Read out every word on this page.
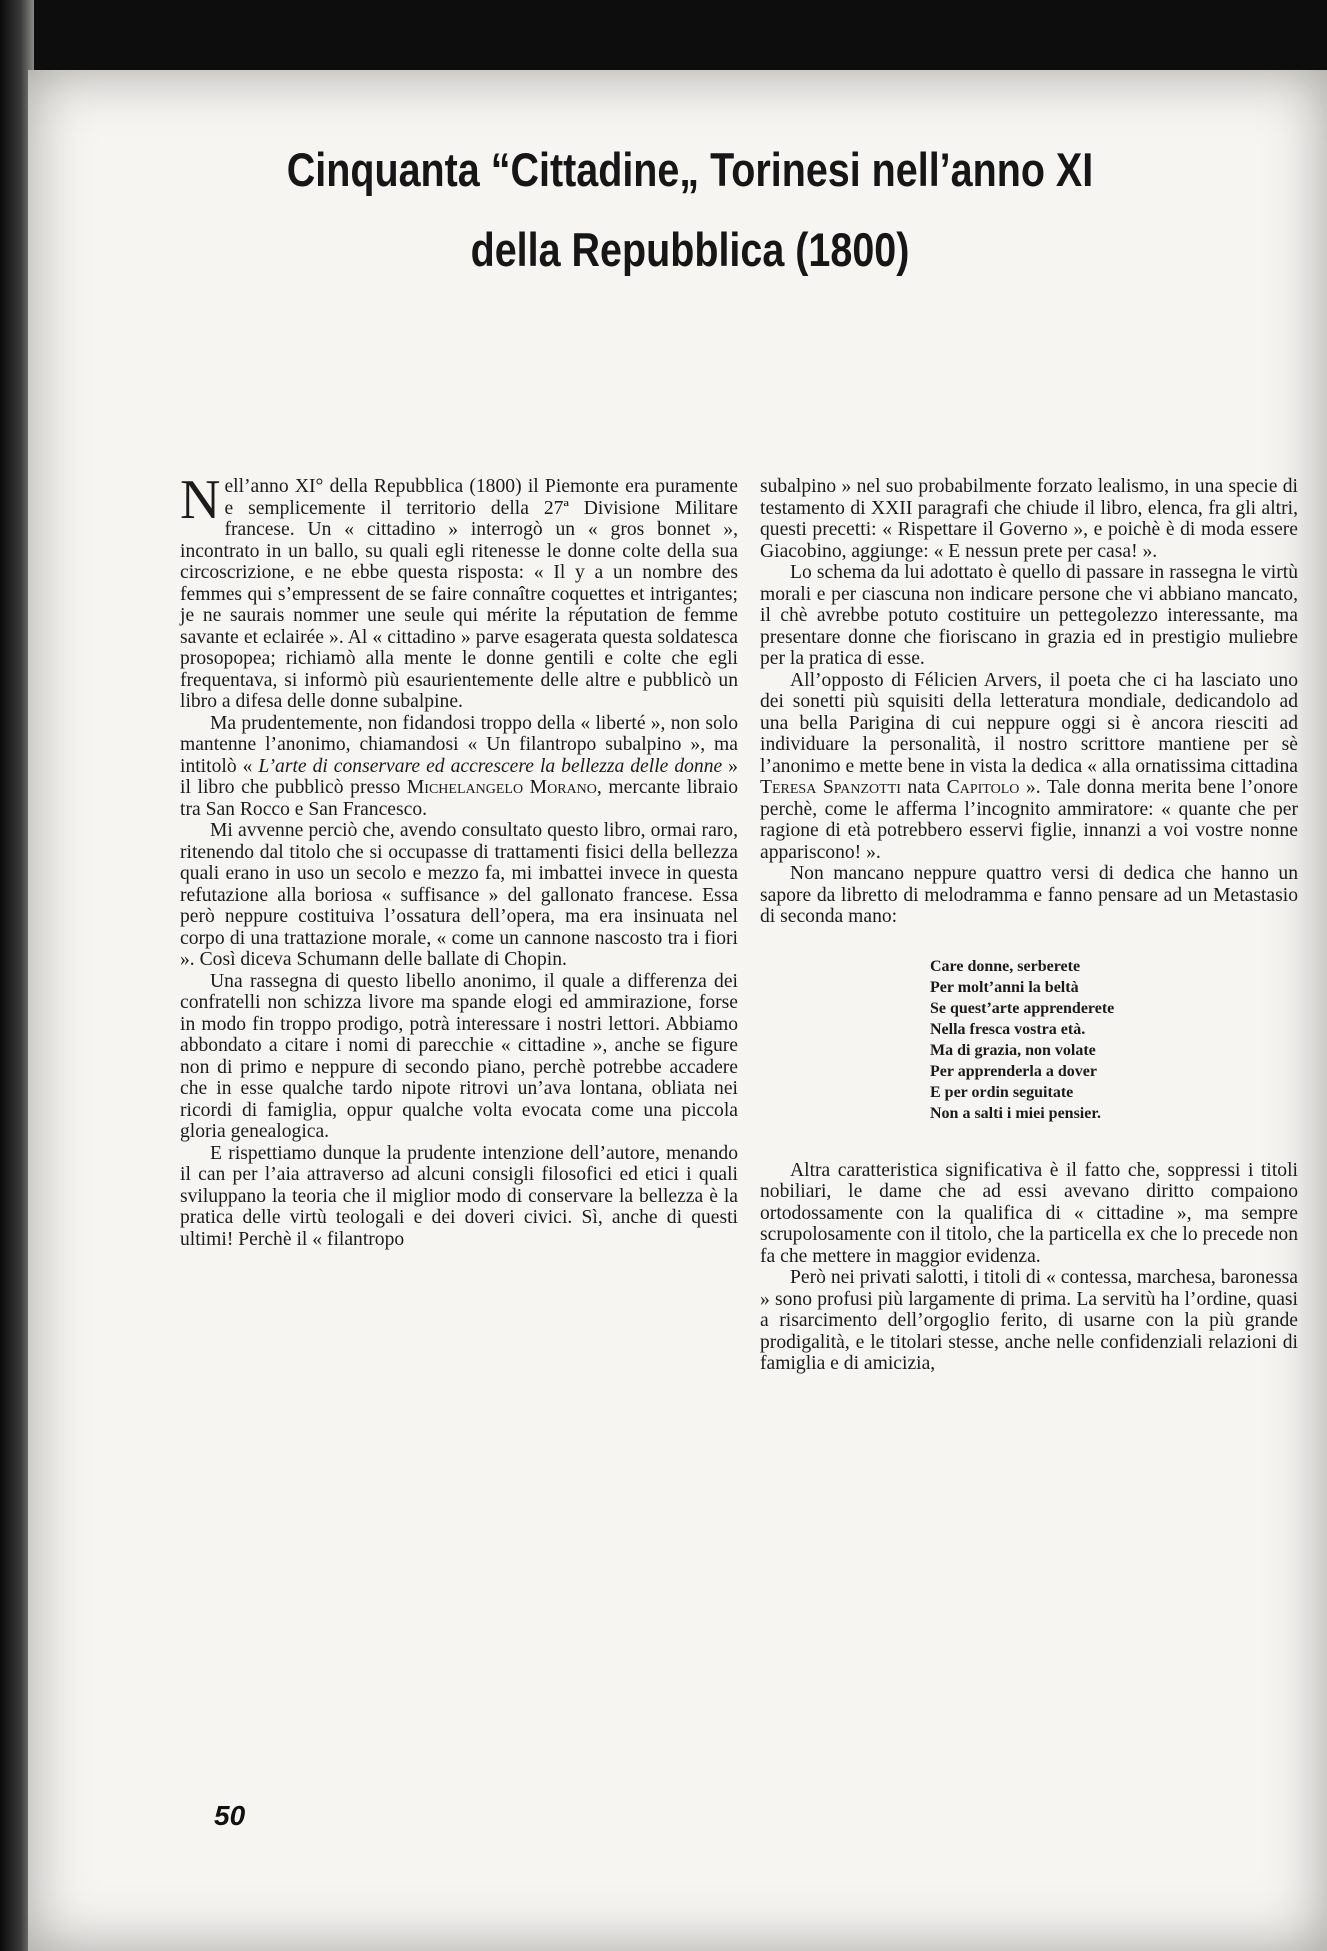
Cinquanta “Cittadine„ Torinesi nell’anno XI
della Repubblica (1800)

Nell’anno XI° della Repubblica (1800) il Piemonte era puramente e semplicemente il territorio della 27ª Divisione Militare francese. Un « cittadino » interrogò un « gros bonnet », incontrato in un ballo, su quali egli ritenesse le donne colte della sua circoscrizione, e ne ebbe questa risposta: « Il y a un nombre des femmes qui s’empressent de se faire connaître coquettes et intrigantes; je ne saurais nommer une seule qui mérite la réputation de femme savante et eclairée ». Al « cittadino » parve esagerata questa soldatesca prosopopea; richiamò alla mente le donne gentili e colte che egli frequentava, si informò più esaurientemente delle altre e pubblicò un libro a difesa delle donne subalpine.

Ma prudentemente, non fidandosi troppo della « liberté », non solo mantenne l’anonimo, chiamandosi « Un filantropo subalpino », ma intitolò « L’arte di conservare ed accrescere la bellezza delle donne » il libro che pubblicò presso Michelangelo Morano, mercante libraio tra San Rocco e San Francesco.

Mi avvenne perciò che, avendo consultato questo libro, ormai raro, ritenendo dal titolo che si occupasse di trattamenti fisici della bellezza quali erano in uso un secolo e mezzo fa, mi imbattei invece in questa refutazione alla boriosa « suffisance » del gallonato francese. Essa però neppure costituiva l’ossatura dell’opera, ma era insinuata nel corpo di una trattazione morale, « come un cannone nascosto tra i fiori ». Così diceva Schumann delle ballate di Chopin.

Una rassegna di questo libello anonimo, il quale a differenza dei confratelli non schizza livore ma spande elogi ed ammirazione, forse in modo fin troppo prodigo, potrà interessare i nostri lettori. Abbiamo abbondato a citare i nomi di parecchie « cittadine », anche se figure non di primo e neppure di secondo piano, perchè potrebbe accadere che in esse qualche tardo nipote ritrovi un’ava lontana, obliata nei ricordi di famiglia, oppur qualche volta evocata come una piccola gloria genealogica.

E rispettiamo dunque la prudente intenzione dell’autore, menando il can per l’aia attraverso ad alcuni consigli filosofici ed etici i quali sviluppano la teoria che il miglior modo di conservare la bellezza è la pratica delle virtù teologali e dei doveri civici. Sì, anche di questi ultimi! Perchè il « filantropo

subalpino » nel suo probabilmente forzato lealismo, in una specie di testamento di XXII paragrafi che chiude il libro, elenca, fra gli altri, questi precetti: « Rispettare il Governo », e poichè è di moda essere Giacobino, aggiunge: « E nessun prete per casa! ».

Lo schema da lui adottato è quello di passare in rassegna le virtù morali e per ciascuna non indicare persone che vi abbiano mancato, il chè avrebbe potuto costituire un pettegolezzo interessante, ma presentare donne che fioriscano in grazia ed in prestigio muliebre per la pratica di esse.

All’opposto di Félicien Arvers, il poeta che ci ha lasciato uno dei sonetti più squisiti della letteratura mondiale, dedicandolo ad una bella Parigina di cui neppure oggi si è ancora riesciti ad individuare la personalità, il nostro scrittore mantiene per sè l’anonimo e mette bene in vista la dedica « alla ornatissima cittadina Teresa Spanzotti nata Capitolo ». Tale donna merita bene l’onore perchè, come le afferma l’incognito ammiratore: « quante che per ragione di età potrebbero esservi figlie, innanzi a voi vostre nonne appariscono! ».

Non mancano neppure quattro versi di dedica che hanno un sapore da libretto di melodramma e fanno pensare ad un Metastasio di seconda mano:

Care donne, serberete
Per molt’anni la beltà
Se quest’arte apprenderete
Nella fresca vostra età.
Ma di grazia, non volate
Per apprenderla a dover
E per ordin seguitate
Non a salti i miei pensier.

Altra caratteristica significativa è il fatto che, soppressi i titoli nobiliari, le dame che ad essi avevano diritto compaiono ortodossamente con la qualifica di « cittadine », ma sempre scrupolosamente con il titolo, che la particella ex che lo precede non fa che mettere in maggior evidenza.

Però nei privati salotti, i titoli di « contessa, marchesa, baronessa » sono profusi più largamente di prima. La servitù ha l’ordine, quasi a risarcimento dell’orgoglio ferito, di usarne con la più grande prodigalità, e le titolari stesse, anche nelle confidenziali relazioni di famiglia e di amicizia,

50
